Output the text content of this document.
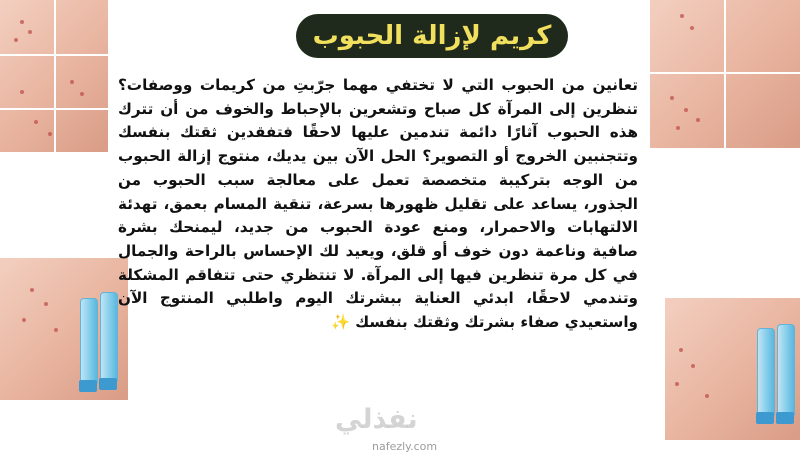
كريم لإزالة الحبوب
تعانين من الحبوب التي لا تختفي مهما جرّبتِ من كريمات ووصفات؟ تنظرين إلى المرآة كل صباح وتشعرين بالإحباط والخوف من أن تترك هذه الحبوب آثارًا دائمة تندمين عليها لاحقًا فتفقدين ثقتك بنفسك وتتجنبين الخروج أو التصوير؟ الحل الآن بين يديك، منتوج إزالة الحبوب من الوجه بتركيبة متخصصة تعمل على معالجة سبب الحبوب من الجذور، يساعد على تقليل ظهورها بسرعة، تنقية المسام بعمق، تهدئة الالتهابات والاحمرار، ومنع عودة الحبوب من جديد، ليمنحك بشرة صافية وناعمة دون خوف أو قلق، ويعيد لك الإحساس بالراحة والجمال في كل مرة تنظرين فيها إلى المرآة. لا تنتظري حتى تتفاقم المشكلة وتندمي لاحقًا، ابدئي العناية ببشرتك اليوم واطلبي المنتوج الآن واستعيدي صفاء بشرتك وثقتك بنفسك ✨
نفذلي
nafezly.com
